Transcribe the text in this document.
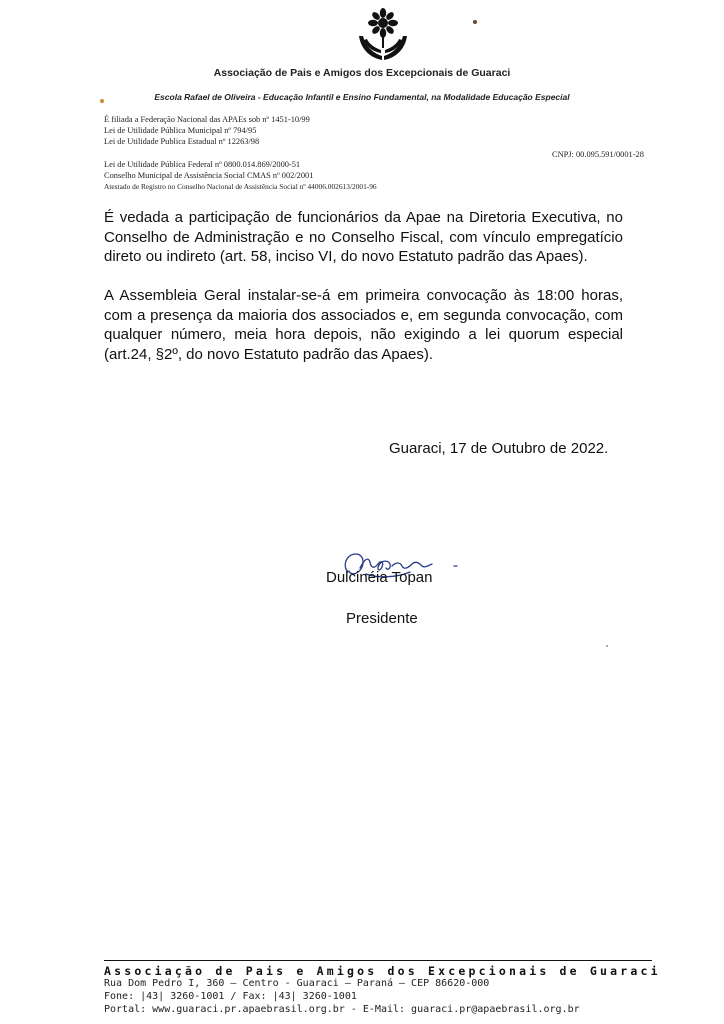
Associação de Pais e Amigos dos Excepcionais de Guaraci
Escola Rafael de Oliveira - Educação Infantil e Ensino Fundamental, na Modalidade Educação Especial
É filiada a Federação Nacional das APAEs sob nº 1451-10/99
Lei de Utilidade Pública Municipal nº 794/95
Lei de Utilidade Publica Estadual nº 12263/98
CNPJ: 00.095.591/0001-28
Lei de Utilidade Pública Federal nº 0800.014.869/2000-51
Conselho Municipal de Assistência Social CMAS nº 002/2001
Atestado de Registro no Conselho Nacional de Assistência Social nº 44006.002613/2001-96
É vedada a participação de funcionários da Apae na Diretoria Executiva, no Conselho de Administração e no Conselho Fiscal, com vínculo empregatício direto ou indireto (art. 58, inciso VI, do novo Estatuto padrão das Apaes).
A Assembleia Geral instalar-se-á em primeira convocação às 18:00 horas, com a presença da maioria dos associados e, em segunda convocação, com qualquer número, meia hora depois, não exigindo a lei quorum especial (art.24, §2º, do novo Estatuto padrão das Apaes).
Guaraci, 17 de Outubro de 2022.
Dulcinéia Topan
Presidente
Associação de Pais e Amigos dos Excepcionais de Guaraci
Rua Dom Pedro I, 360 – Centro - Guaraci – Paraná – CEP 86620-000
Fone: |43| 3260-1001 / Fax: |43| 3260-1001
Portal: www.guaraci.pr.apaebrasil.org.br - E-Mail: guaraci.pr@apaebrasil.org.br
